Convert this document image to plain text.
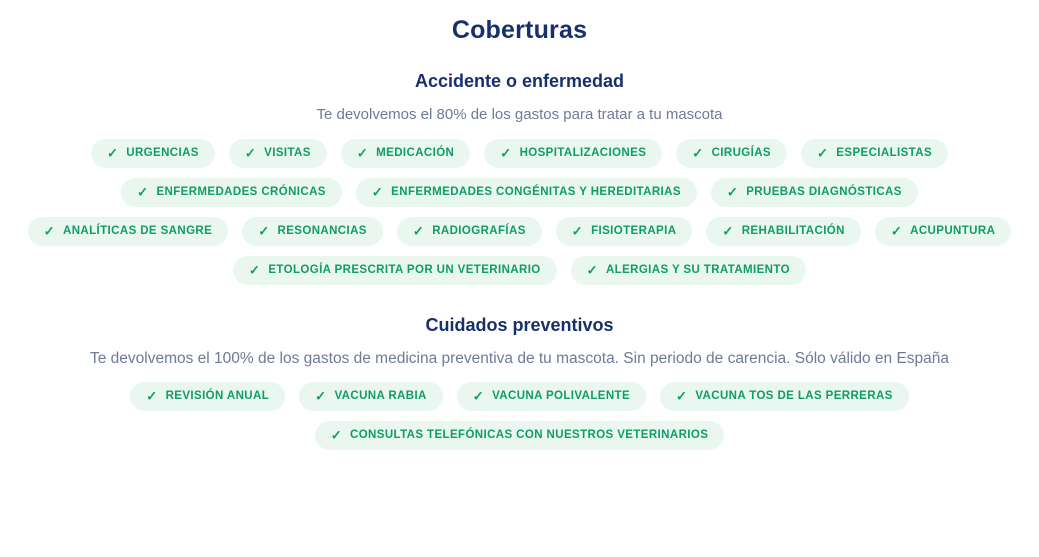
Coberturas
Accidente o enfermedad

Te devolvemos el 80% de los gastos para tratar a tu mascota

✓ URGENCIAS	✓ VISITAS	✓ MEDICACIÓN	✓ HOSPITALIZACIONES	✓ CIRUGÍAS	✓ ESPECIALISTAS
✓ ENFERMEDADES CRÓNICAS	✓ ENFERMEDADES CONGÉNITAS Y HEREDITARIAS	✓ PRUEBAS DIAGNÓSTICAS
✓ ANALÍTICAS DE SANGRE	✓ RESONANCIAS	✓ RADIOGRAFÍAS	✓ FISIOTERAPIA	✓ REHABILITACIÓN	✓ ACUPUNTURA
✓ ETOLOGÍA PRESCRITA POR UN VETERINARIO	✓ ALERGIAS Y SU TRATAMIENTO
Cuidados preventivos

Te devolvemos el 100% de los gastos de medicina preventiva de tu mascota. Sin periodo de carencia. Sólo válido en España

✓ REVISIÓN ANUAL	✓ VACUNA RABIA	✓ VACUNA POLIVALENTE	✓ VACUNA TOS DE LAS PERRERAS
✓ CONSULTAS TELEFÓNICAS CON NUESTROS VETERINARIOS
